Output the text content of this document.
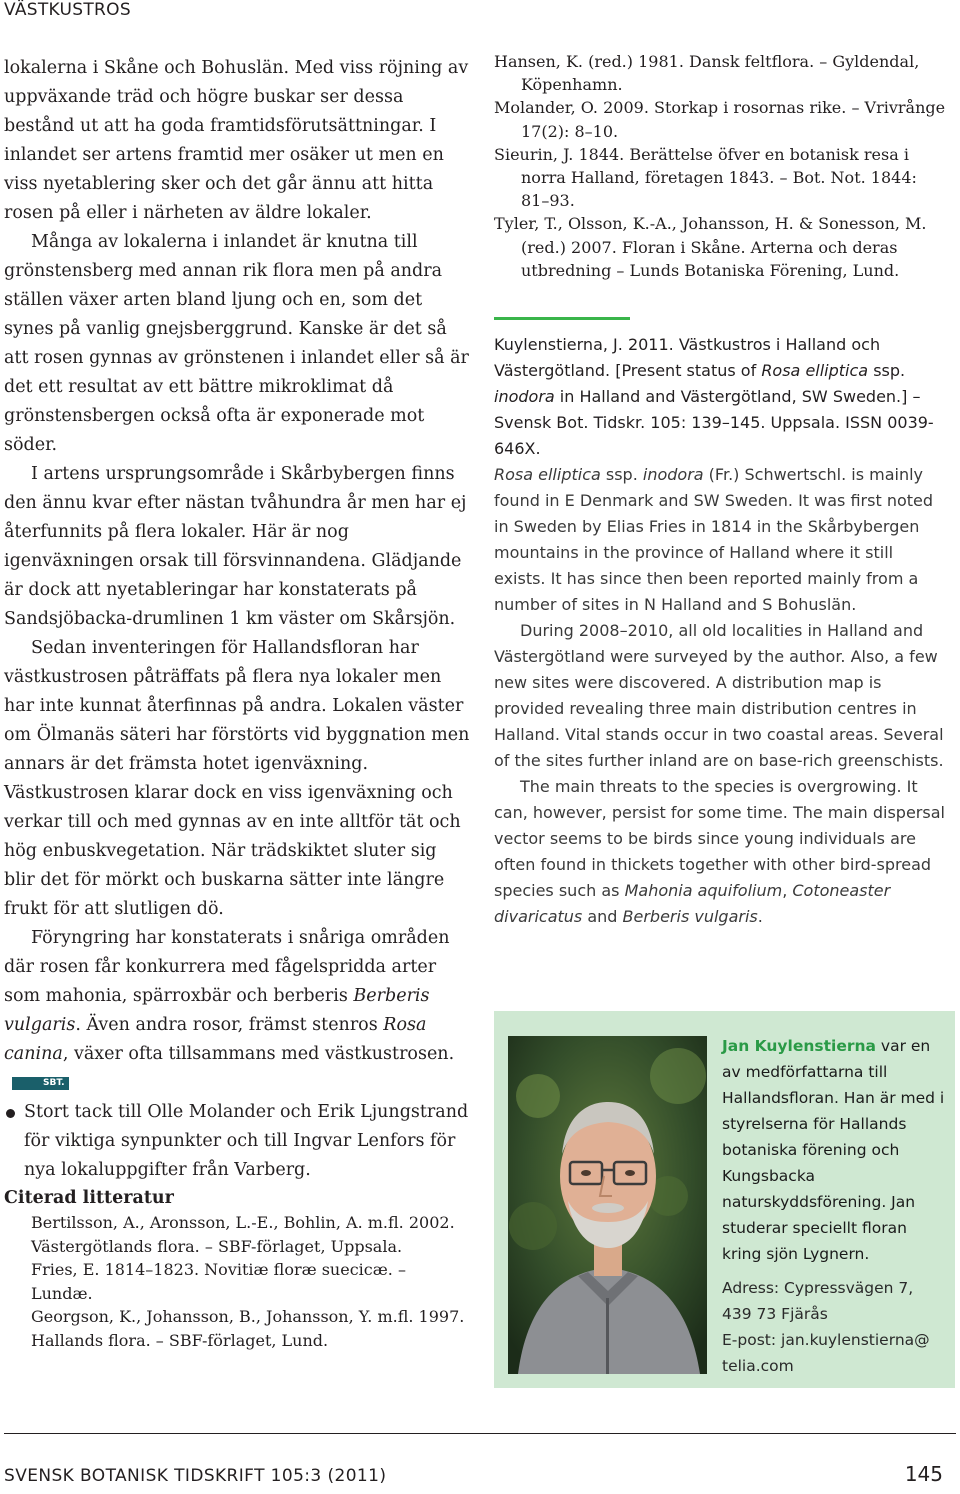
VÄSTKUSTROS

lokalerna i Skåne och Bohuslän. Med viss röjning av uppväxande träd och högre buskar ser dessa bestånd ut att ha goda framtidsförutsättningar. I inlandet ser artens framtid mer osäker ut men en viss nyetablering sker och det går ännu att hitta rosen på eller i närheten av äldre lokaler.

Många av lokalerna i inlandet är knutna till grönstensberg med annan rik flora men på andra ställen växer arten bland ljung och en, som det synes på vanlig gnejsberggrund. Kanske är det så att rosen gynnas av grönstenen i inlandet eller så är det ett resultat av ett bättre mikroklimat då grönstensbergen också ofta är exponerade mot söder.

I artens ursprungsområde i Skårbybergen finns den ännu kvar efter nästan tvåhundra år men har ej återfunnits på flera lokaler. Här är nog igenväxningen orsak till försvinnandena. Glädjande är dock att nyetableringar har konstaterats på Sandsjöbacka-drumlinen 1 km väster om Skårsjön.

Sedan inventeringen för Hallandsfloran har västkustrosen påträffats på flera nya lokaler men har inte kunnat återfinnas på andra. Lokalen väster om Ölmanäs säteri har förstörts vid byggnation men annars är det främsta hotet igenväxning. Västkustrosen klarar dock en viss igenväxning och verkar till och med gynnas av en inte alltför tät och hög enbuskvegetation. När trädskiktet sluter sig blir det för mörkt och buskarna sätter inte längre frukt för att slutligen dö.

Föryngring har konstaterats i snåriga områden där rosen får konkurrera med fågelspridda arter som mahonia, spärroxbär och berberis Berberis vulgaris. Även andra rosor, främst stenros Rosa canina, växer ofta tillsammans med västkustrosen.SBT.

Stort tack till Olle Molander och Erik Ljungstrand för viktiga synpunkter och till Ingvar Lenfors för nya lokaluppgifter från Varberg.

Citerad litteratur

Bertilsson, A., Aronsson, L.-E., Bohlin, A. m.fl. 2002. Västergötlands flora. – SBF-förlaget, Uppsala.

Fries, E. 1814–1823. Novitiæ floræ suecicæ. – Lundæ.

Georgson, K., Johansson, B., Johansson, Y. m.fl. 1997. Hallands flora. – SBF-förlaget, Lund.

Hansen, K. (red.) 1981. Dansk feltflora. – Gyldendal, Köpenhamn.

Molander, O. 2009. Storkap i rosornas rike. – Vrivrånge 17(2): 8–10.

Sieurin, J. 1844. Berättelse öfver en botanisk resa i norra Halland, företagen 1843. – Bot. Not. 1844: 81–93.

Tyler, T., Olsson, K.-A., Johansson, H. & Sonesson, M. (red.) 2007. Floran i Skåne. Arterna och deras utbredning – Lunds Botaniska Förening, Lund.

Kuylenstierna, J. 2011. Västkustros i Halland och Västergötland. [Present status of Rosa elliptica ssp. inodora in Halland and Västergötland, SW Sweden.] – Svensk Bot. Tidskr. 105: 139–145. Uppsala. ISSN 0039-646X.

Rosa elliptica ssp. inodora (Fr.) Schwertschl. is mainly found in E Denmark and SW Sweden. It was first noted in Sweden by Elias Fries in 1814 in the Skårbybergen mountains in the province of Halland where it still exists. It has since then been reported mainly from a number of sites in N Halland and S Bohuslän.

During 2008–2010, all old localities in Halland and Västergötland were surveyed by the author. Also, a few new sites were discovered. A distribution map is provided revealing three main distribution centres in Halland. Vital stands occur in two coastal areas. Several of the sites further inland are on base-rich greenschists.

The main threats to the species is overgrowing. It can, however, persist for some time. The main dispersal vector seems to be birds since young individuals are often found in thickets together with other bird-spread species such as Mahonia aquifolium, Cotoneaster divaricatus and Berberis vulgaris.

Jan Kuylenstierna var en av medförfattarna till Hallandsfloran. Han är med i styrelserna för Hallands botaniska förening och Kungsbacka naturskyddsförening. Jan studerar speciellt floran kring sjön Lygnern.

Adress: Cypressvägen 7,
439 73 Fjärås
E-post: jan.kuylenstierna@
telia.com

SVENSK BOTANISK TIDSKRIFT 105:3 (2011)	145
